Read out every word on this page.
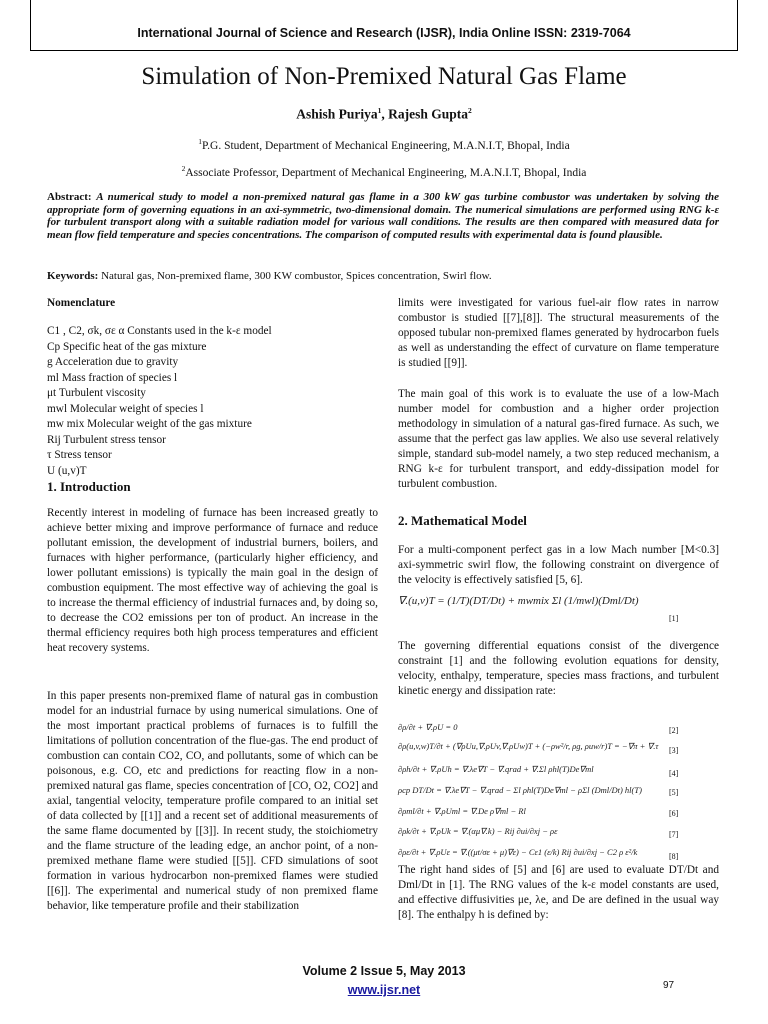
International Journal of Science and Research (IJSR), India Online ISSN: 2319-7064
Simulation of Non-Premixed Natural Gas Flame
Ashish Puriya$^1$, Rajesh Gupta$^2$
$^1$P.G. Student, Department of Mechanical Engineering, M.A.N.I.T, Bhopal, India
$^2$Associate Professor, Department of Mechanical Engineering, M.A.N.I.T, Bhopal, India
Abstract: A numerical study to model a non-premixed natural gas flame in a 300 kW gas turbine combustor was undertaken by solving the appropriate form of governing equations in an axi-symmetric, two-dimensional domain. The numerical simulations are performed using RNG k-ε for turbulent transport along with a suitable radiation model for various wall conditions. The results are then compared with measured data for mean flow field temperature and species concentrations. The comparison of computed results with experimental data is found plausible.
Keywords: Natural gas, Non-premixed flame, 300 KW combustor, Spices concentration, Swirl flow.
Nomenclature
C1 , C2, σk, σε α Constants used in the k-ε model
Cp Specific heat of the gas mixture
g Acceleration due to gravity
ml Mass fraction of species l
μt Turbulent viscosity
mwl Molecular weight of species l
mw mix Molecular weight of the gas mixture
Rij Turbulent stress tensor
τ Stress tensor
U (u,v)T
1. Introduction
Recently interest in modeling of furnace has been increased greatly to achieve better mixing and improve performance of furnace and reduce pollutant emission, the development of industrial burners, boilers, and furnaces with higher performance, (particularly higher efficiency, and lower pollutant emissions) is typically the main goal in the design of combustion equipment. The most effective way of achieving the goal is to increase the thermal efficiency of industrial furnaces and, by doing so, to decrease the CO2 emissions per ton of product. An increase in the thermal efficiency requires both high process temperatures and efficient heat recovery systems.
In this paper presents non-premixed flame of natural gas in combustion model for an industrial furnace by using numerical simulations. One of the most important practical problems of furnaces is to fulfill the limitations of pollution concentration of the flue-gas. The end product of combustion can contain CO2, CO, and pollutants, some of which can be poisonous, e.g. CO, etc and predictions for reacting flow in a non-premixed natural gas flame, species concentration of [CO, O2, CO2] and axial, tangential velocity, temperature profile compared to an initial set of data collected by [[1]] and a recent set of additional measurements of the same flame documented by [[3]]. In recent study, the stoichiometry and the flame structure of the leading edge, an anchor point, of a non-premixed methane flame were studied [[5]]. CFD simulations of soot formation in various hydrocarbon non-premixed flames were studied [[6]]. The experimental and numerical study of non premixed flame behavior, like temperature profile and their stabilization
limits were investigated for various fuel-air flow rates in narrow combustor is studied [[7],[8]]. The structural measurements of the opposed tubular non-premixed flames generated by hydrocarbon fuels as well as understanding the effect of curvature on flame temperature is studied [[9]].
The main goal of this work is to evaluate the use of a low-Mach number model for combustion and a higher order projection methodology in simulation of a natural gas-fired furnace. As such, we assume that the perfect gas law applies. We also use several relatively simple, standard sub-model namely, a two step reduced mechanism, a RNG k-ε for turbulent transport, and eddy-dissipation model for turbulent combustion.
2. Mathematical Model
For a multi-component perfect gas in a low Mach number [M<0.3] axi-symmetric swirl flow, the following constraint on divergence of the velocity is effectively satisfied [5, 6].
∇.(u,v)T = (1/T)(DT/Dt) + mwmix Σl (1/mwl)(Dml/Dt)
[1]
The governing differential equations consist of the divergence constraint [1] and the following evolution equations for density, velocity, enthalpy, temperature, species mass fractions, and turbulent kinetic energy and dissipation rate:
∂ρ/∂t + ∇.ρU = 0	[2]
∂ρ(u,v,w)T/∂t + (∇ρUu,∇.ρUv,∇.ρUw)T + (−ρw²/r, ρg, ρuw/r)T = −∇π + ∇.τ [3]
∂ρh/∂t + ∇.ρUh = ∇.λe∇T − ∇.qrad + ∇.Σl ρhl(T)De∇ml	[4]
ρcp DT/Dt = ∇.λe∇T − ∇.qrad − Σl ρhl(T)De∇ml − ρΣl (Dml/Dt) hl(T)	[5]
∂ρml/∂t + ∇.ρUml = ∇.De ρ∇ml − Rl	[6]
∂ρk/∂t + ∇.ρUk = ∇.(αμ∇.k) − Rij ∂ui/∂xj − ρε	[7]
∂ρε/∂t + ∇.ρUε = ∇.((μt/σε + μ)∇ε) − Cε1 (ε/k) Rij ∂ui/∂xj − C2 ρ ε²/k	[8]
The right hand sides of [5] and [6] are used to evaluate DT/Dt and Dml/Dt in [1]. The RNG values of the k-ε model constants are used, and effective diffusivities μe, λe, and De are defined in the usual way [8]. The enthalpy h is defined by:
Volume 2 Issue 5, May 2013
www.ijsr.net	97
